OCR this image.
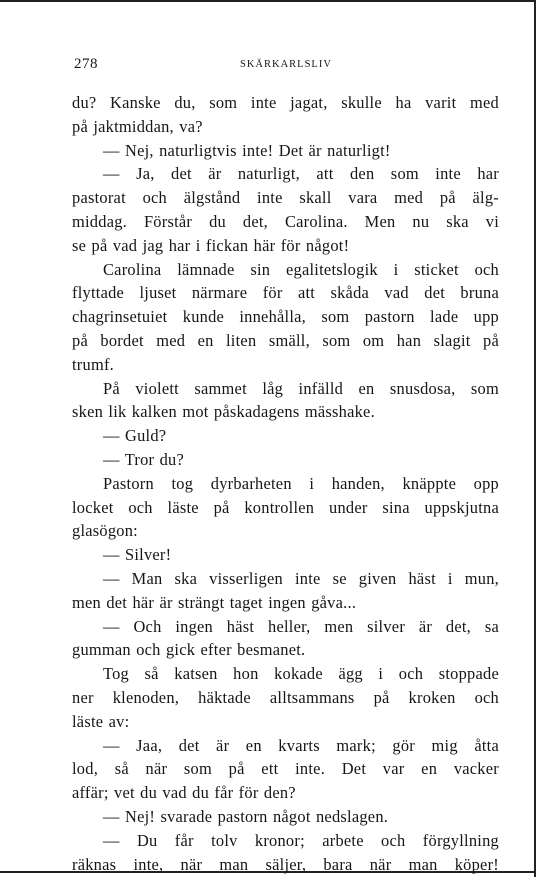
278	SKÄRKARLSLIV
du? Kanske du, som inte jagat, skulle ha varit med
på jaktmiddan, va?
— Nej, naturligtvis inte! Det är naturligt!
— Ja, det är naturligt, att den som inte har
pastorat och älgstånd inte skall vara med på älg-
middag. Förstår du det, Carolina. Men nu ska vi
se på vad jag har i fickan här för något!
Carolina lämnade sin egalitetslogik i sticket och
flyttade ljuset närmare för att skåda vad det bruna
chagrinsetuiet kunde innehålla, som pastorn lade upp
på bordet med en liten smäll, som om han slagit på
trumf.
På violett sammet låg infälld en snusdosa, som
sken lik kalken mot påskadagens mässhake.
— Guld?
— Tror du?
Pastorn tog dyrbarheten i handen, knäppte opp
locket och läste på kontrollen under sina uppskjutna
glasögon:
— Silver!
— Man ska visserligen inte se given häst i mun,
men det här är strängt taget ingen gåva...
— Och ingen häst heller, men silver är det, sa
gumman och gick efter besmanet.
Tog så katsen hon kokade ägg i och stoppade
ner klenoden, häktade alltsammans på kroken och
läste av:
— Jaa, det är en kvarts mark; gör mig åtta
lod, så när som på ett inte. Det var en vacker
affär; vet du vad du får för den?
— Nej! svarade pastorn något nedslagen.
— Du får tolv kronor; arbete och förgyllning
räknas inte, när man säljer, bara när man köper!
